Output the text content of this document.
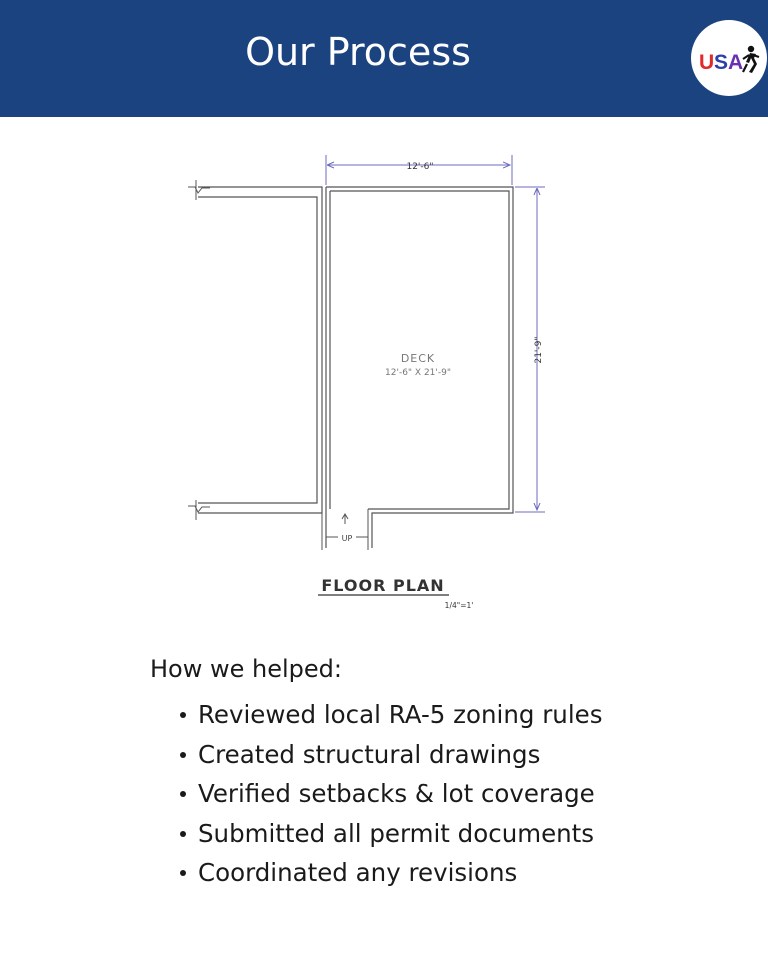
Our Process	U S A
12'-6"
21'-9"
UP
DECK
12'-6" X 21'-9"
FLOOR PLAN
1/4"=1'
How we helped:
Reviewed local RA-5 zoning rules
Created structural drawings
Verified setbacks & lot coverage
Submitted all permit documents
Coordinated any revisions
